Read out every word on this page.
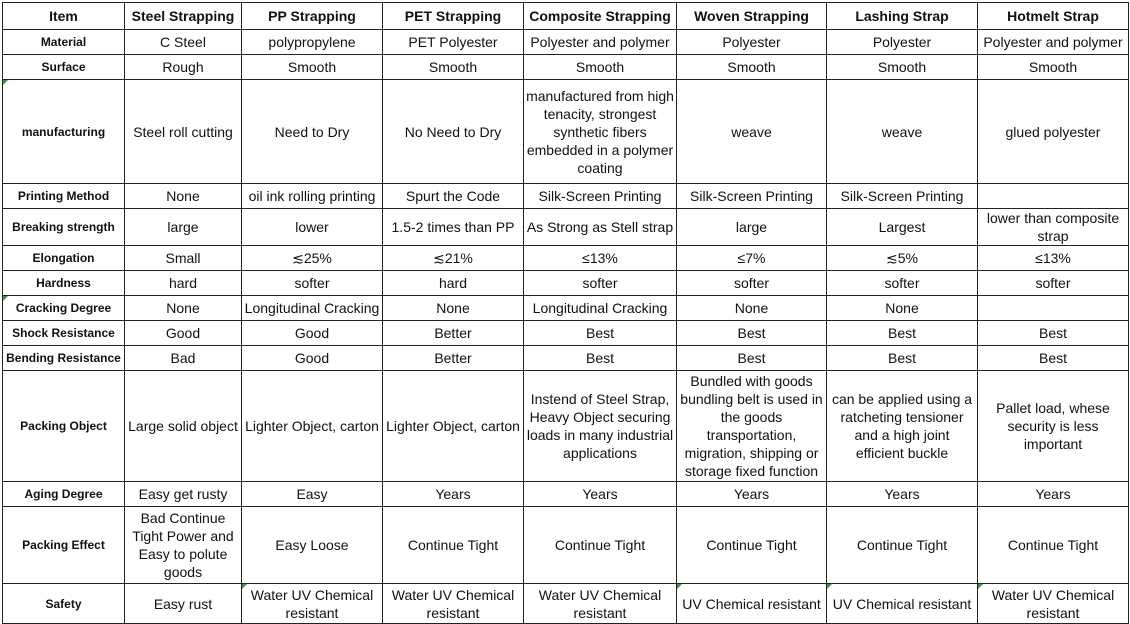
Item	Steel Strapping	PP Strapping	PET Strapping	Composite Strapping	Woven Strapping	Lashing Strap	Hotmelt Strap
Material	C Steel	polypropylene	PET Polyester	Polyester and polymer	Polyester	Polyester	Polyester and polymer
Surface	Rough	Smooth	Smooth	Smooth	Smooth	Smooth	Smooth
manufacturing	Steel roll cutting	Need to Dry	No Need to Dry	manufactured from high tenacity, strongest synthetic fibers embedded in a polymer coating	weave	weave	glued polyester
Printing Method	None	oil ink rolling printing	Spurt the Code	Silk-Screen Printing	Silk-Screen Printing	Silk-Screen Printing	
Breaking strength	large	lower	1.5-2 times than PP	As Strong as Stell strap	large	Largest	lower than composite strap
Elongation	Small	≲25%	≲21%	≤13%	≤7%	≲5%	≤13%
Hardness	hard	softer	hard	softer	softer	softer	softer
Cracking Degree	None	Longitudinal Cracking	None	Longitudinal Cracking	None	None	
Shock Resistance	Good	Good	Better	Best	Best	Best	Best
Bending Resistance	Bad	Good	Better	Best	Best	Best	Best
Packing Object	Large solid object	Lighter Object, carton	Lighter Object, carton	Instend of Steel Strap, Heavy Object securing loads in many industrial applications	Bundled with goods bundling belt is used in the goods transportation, migration, shipping or storage fixed function	can be applied using a ratcheting tensioner and a high joint efficient buckle	Pallet load, whese security is less important
Aging Degree	Easy get rusty	Easy	Years	Years	Years	Years	Years
Packing Effect	Bad Continue Tight Power and Easy to polute goods	Easy Loose	Continue Tight	Continue Tight	Continue Tight	Continue Tight	Continue Tight
Safety	Easy rust	Water UV Chemical resistant	Water UV Chemical resistant	Water UV Chemical resistant	UV Chemical resistant	UV Chemical resistant	Water UV Chemical resistant
